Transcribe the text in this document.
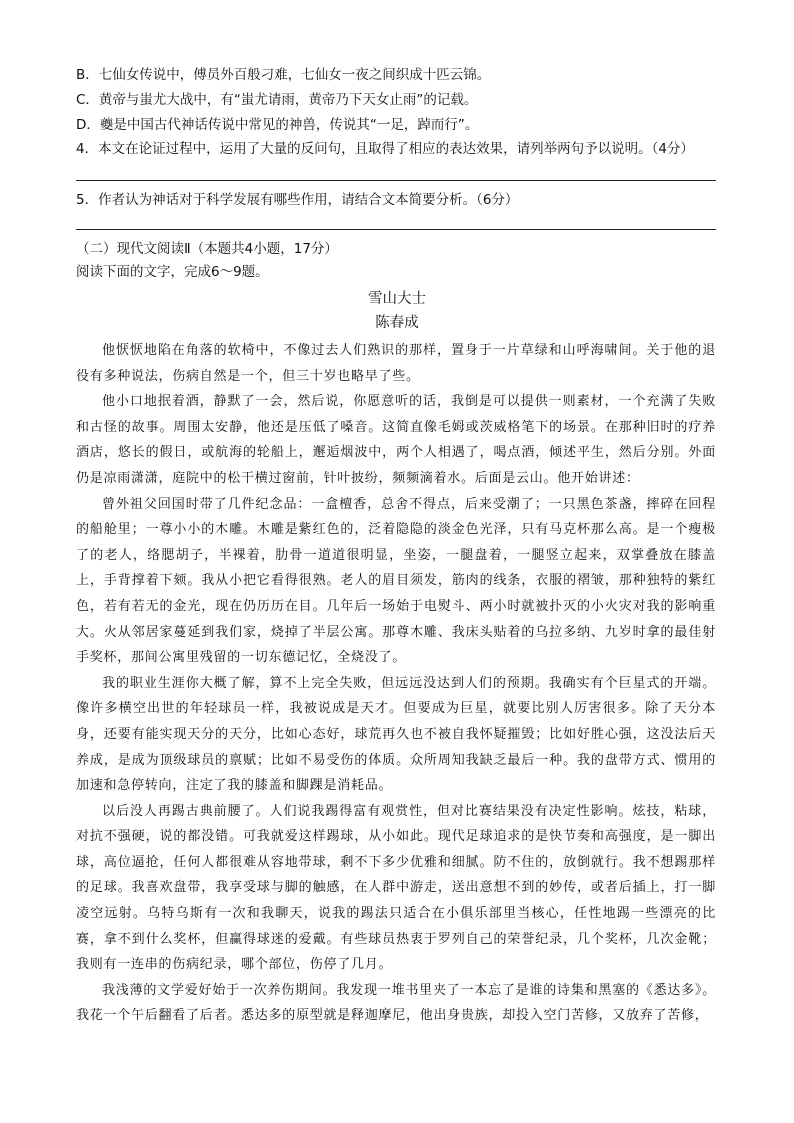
B．七仙女传说中，傅员外百般刁难，七仙女一夜之间织成十匹云锦。
C．黄帝与蚩尤大战中，有“蚩尤请雨，黄帝乃下天女止雨”的记载。
D．夔是中国古代神话传说中常见的神兽，传说其“一足，踔而行”。
4．本文在论证过程中，运用了大量的反问句，且取得了相应的表达效果，请列举两句予以说明。（4分）
5．作者认为神话对于科学发展有哪些作用，请结合文本简要分析。（6分）
（二）现代文阅读Ⅱ（本题共4小题，17分）
阅读下面的文字，完成6～9题。
雪山大士
陈春成

他恹恹地陷在角落的软椅中，不像过去人们熟识的那样，置身于一片草绿和山呼海啸间。关于他的退役有多种说法，伤病自然是一个，但三十岁也略早了些。

他小口地抿着酒，静默了一会，然后说，你愿意听的话，我倒是可以提供一则素材，一个充满了失败和古怪的故事。周围太安静，他还是压低了嗓音。这简直像毛姆或茨威格笔下的场景。在那种旧时的疗养酒店，悠长的假日，或航海的轮船上，邂逅烟波中，两个人相遇了，喝点酒，倾述平生，然后分别。外面仍是凉雨潇潇，庭院中的松干横过窗前，针叶披纷，频频滴着水。后面是云山。他开始讲述：

曾外祖父回国时带了几件纪念品：一盒檀香，总舍不得点，后来受潮了；一只黑色茶盏，摔碎在回程的船舱里；一尊小小的木雕。木雕是紫红色的，泛着隐隐的淡金色光泽，只有马克杯那么高。是一个瘦极了的老人，络腮胡子，半裸着，肋骨一道道很明显，坐姿，一腿盘着，一腿竖立起来，双掌叠放在膝盖上，手背撑着下颏。我从小把它看得很熟。老人的眉目须发，筋肉的线条，衣服的褶皱，那种独特的紫红色，若有若无的金光，现在仍历历在目。几年后一场始于电熨斗、两小时就被扑灭的小火灾对我的影响重大。火从邻居家蔓延到我们家，烧掉了半层公寓。那尊木雕、我床头贴着的乌拉多纳、九岁时拿的最佳射手奖杯，那间公寓里残留的一切东德记忆，全烧没了。

我的职业生涯你大概了解，算不上完全失败，但远远没达到人们的预期。我确实有个巨星式的开端。像许多横空出世的年轻球员一样，我被说成是天才。但要成为巨星，就要比别人厉害很多。除了天分本身，还要有能实现天分的天分，比如心态好，球荒再久也不被自我怀疑摧毁；比如好胜心强，这没法后天养成，是成为顶级球员的禀赋；比如不易受伤的体质。众所周知我缺乏最后一种。我的盘带方式、惯用的加速和急停转向，注定了我的膝盖和脚踝是消耗品。

以后没人再踢古典前腰了。人们说我踢得富有观赏性，但对比赛结果没有决定性影响。炫技，粘球，对抗不强硬，说的都没错。可我就爱这样踢球，从小如此。现代足球追求的是快节奏和高强度，是一脚出球，高位逼抢，任何人都很难从容地带球，剩不下多少优雅和细腻。防不住的，放倒就行。我不想踢那样的足球。我喜欢盘带，我享受球与脚的触感，在人群中游走，送出意想不到的妙传，或者后插上，打一脚凌空远射。乌特乌斯有一次和我聊天，说我的踢法只适合在小俱乐部里当核心，任性地踢一些漂亮的比赛，拿不到什么奖杯，但赢得球迷的爱戴。有些球员热衷于罗列自己的荣誉纪录，几个奖杯，几次金靴；我则有一连串的伤病纪录，哪个部位，伤停了几月。

我浅薄的文学爱好始于一次养伤期间。我发现一堆书里夹了一本忘了是谁的诗集和黑塞的《悉达多》。我花一个午后翻看了后者。悉达多的原型就是释迦摩尼，他出身贵族，却投入空门苦修，又放弃了苦修，
